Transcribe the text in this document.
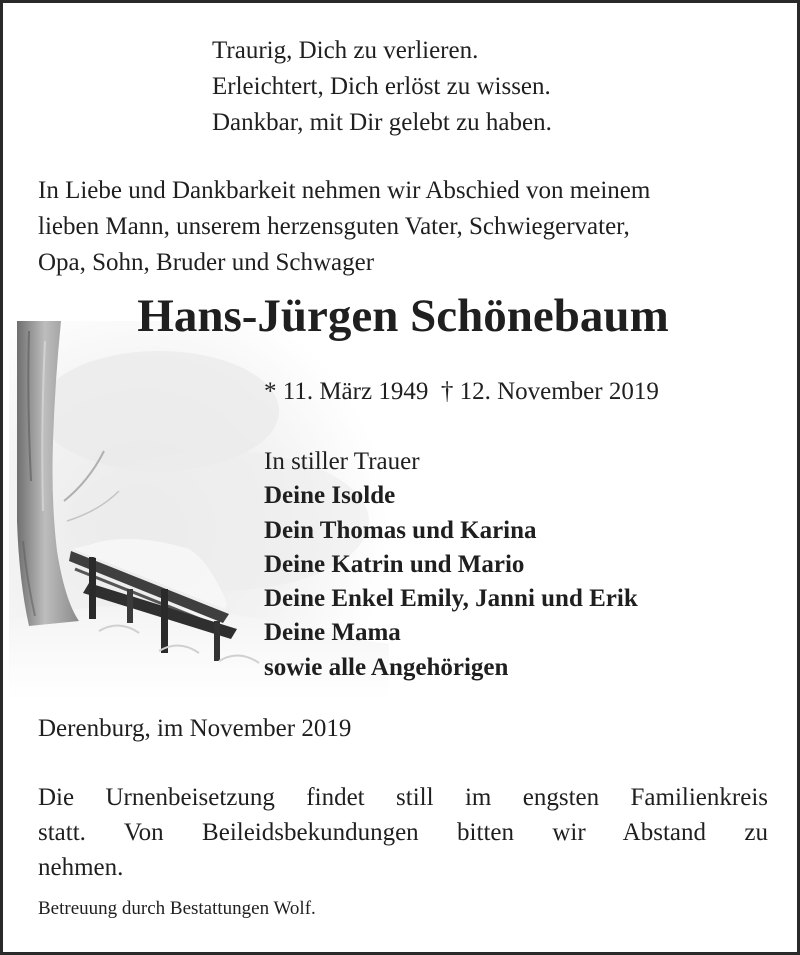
Traurig, Dich zu verlieren.
Erleichtert, Dich erlöst zu wissen.
Dankbar, mit Dir gelebt zu haben.
In Liebe und Dankbarkeit nehmen wir Abschied von meinem
lieben Mann, unserem herzensguten Vater, Schwiegervater,
Opa, Sohn, Bruder und Schwager
Hans-Jürgen Schönebaum
* 11. März 1949  † 12. November 2019
In stiller Trauer
Deine Isolde
Dein Thomas und Karina
Deine Katrin und Mario
Deine Enkel Emily, Janni und Erik
Deine Mama
sowie alle Angehörigen
Derenburg, im November 2019
Die Urnenbeisetzung findet still im engsten Familienkreis
statt. Von Beileidsbekundungen bitten wir Abstand zu
nehmen.
Betreuung durch Bestattungen Wolf.
